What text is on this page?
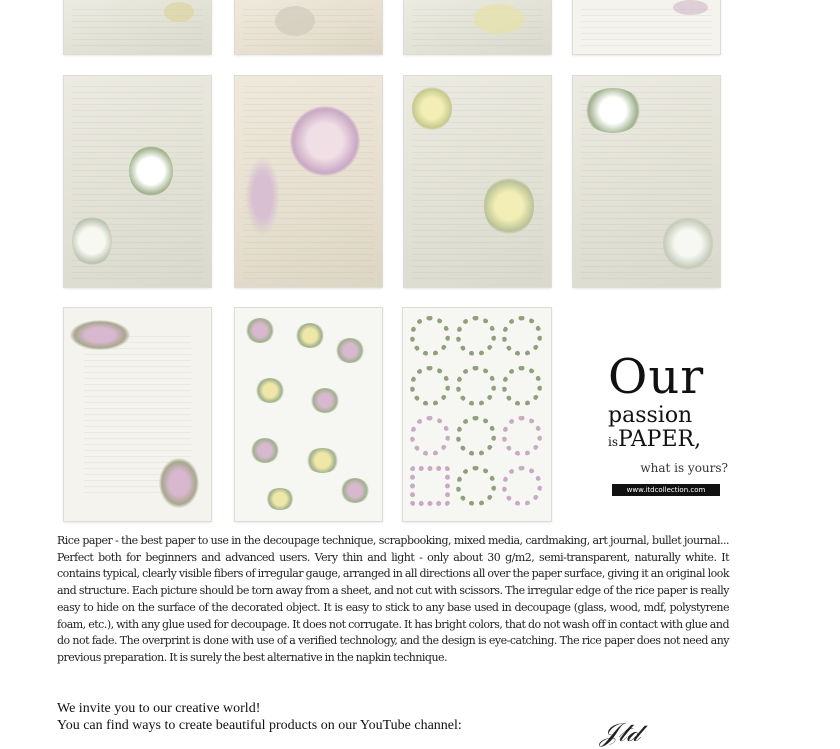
Our
passion
isPAPER,
what is yours?
www.itdcollection.com
Rice paper - the best paper to use in the decoupage technique, scrapbooking, mixed media, cardmaking, art journal, bullet journal... Perfect both for beginners and advanced users. Very thin and light - only about 30 g/m2, semi-transparent, naturally white. It contains typical, clearly visible fibers of irregular gauge, arranged in all directions all over the paper surface, giving it an original look and structure. Each picture should be torn away from a sheet, and not cut with scissors. The irregular edge of the rice paper is really easy to hide on the surface of the decorated object. It is easy to stick to any base used in decoupage (glass, wood, mdf, polystyrene foam, etc.), with any glue used for decoupage. It does not corrugate. It has bright colors, that do not wash off in contact with glue and do not fade. The overprint is done with use of a verified technology, and the design is eye-catching. The rice paper does not need any previous preparation. It is surely the best alternative in the napkin technique.
We invite you to our creative world!
You can find ways to create beautiful products on our YouTube channel:	𝒥𝓉𝒹
